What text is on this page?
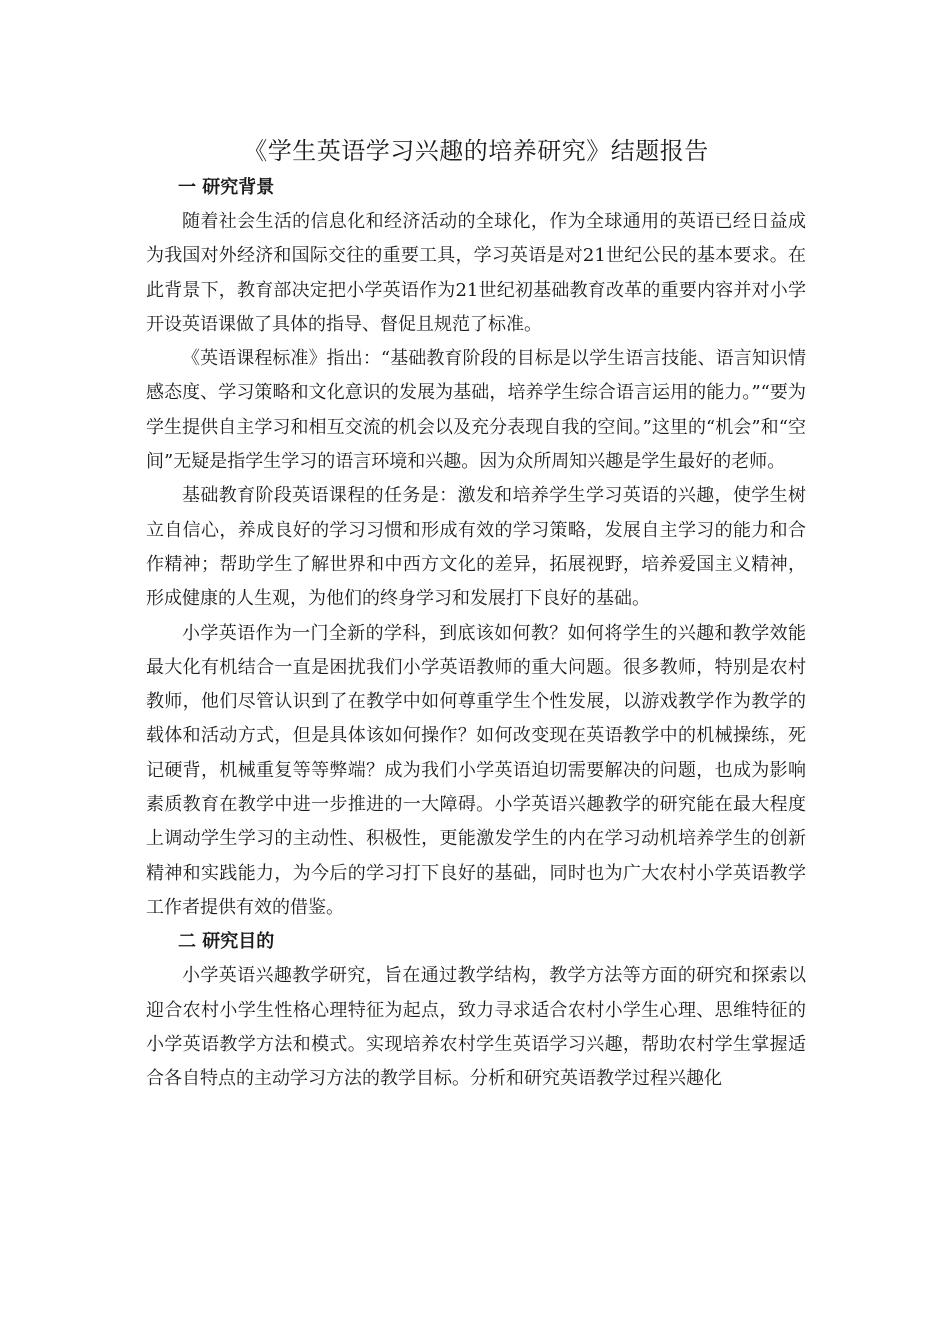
《学生英语学习兴趣的培养研究》结题报告
一 研究背景

随着社会生活的信息化和经济活动的全球化，作为全球通用的英语已经日益成为我国对外经济和国际交往的重要工具，学习英语是对21世纪公民的基本要求。在此背景下，教育部决定把小学英语作为21世纪初基础教育改革的重要内容并对小学开设英语课做了具体的指导、督促且规范了标准。

《英语课程标准》指出：“基础教育阶段的目标是以学生语言技能、语言知识情感态度、学习策略和文化意识的发展为基础，培养学生综合语言运用的能力。”“要为学生提供自主学习和相互交流的机会以及充分表现自我的空间。”这里的“机会”和“空间”无疑是指学生学习的语言环境和兴趣。因为众所周知兴趣是学生最好的老师。

基础教育阶段英语课程的任务是：激发和培养学生学习英语的兴趣，使学生树立自信心，养成良好的学习习惯和形成有效的学习策略，发展自主学习的能力和合作精神；帮助学生了解世界和中西方文化的差异，拓展视野，培养爱国主义精神，形成健康的人生观，为他们的终身学习和发展打下良好的基础。

小学英语作为一门全新的学科，到底该如何教？如何将学生的兴趣和教学效能最大化有机结合一直是困扰我们小学英语教师的重大问题。很多教师，特别是农村教师，他们尽管认识到了在教学中如何尊重学生个性发展，以游戏教学作为教学的载体和活动方式，但是具体该如何操作？如何改变现在英语教学中的机械操练，死记硬背，机械重复等等弊端？成为我们小学英语迫切需要解决的问题，也成为影响素质教育在教学中进一步推进的一大障碍。小学英语兴趣教学的研究能在最大程度上调动学生学习的主动性、积极性，更能激发学生的内在学习动机培养学生的创新精神和实践能力，为今后的学习打下良好的基础，同时也为广大农村小学英语教学工作者提供有效的借鉴。

二 研究目的

小学英语兴趣教学研究，旨在通过教学结构，教学方法等方面的研究和探索以迎合农村小学生性格心理特征为起点，致力寻求适合农村小学生心理、思维特征的小学英语教学方法和模式。实现培养农村学生英语学习兴趣，帮助农村学生掌握适合各自特点的主动学习方法的教学目标。分析和研究英语教学过程兴趣化
